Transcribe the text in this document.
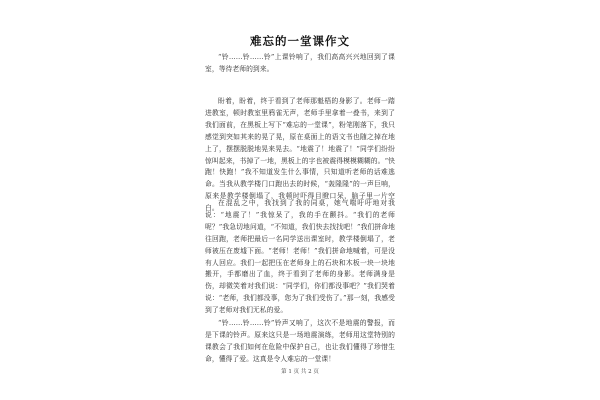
难忘的一堂课作文

“铃……铃……铃”上课铃响了，我们高高兴兴地回到了课室，等待老师的到来。

盼着，盼着，终于看到了老师那魁梧的身影了。老师一踏进教室，顿时教室里鸦雀无声，老师手里拿着一叠书，来到了我们面前，在黑板上写下“难忘的一堂课”，粉笔刚落下，我只感觉到突如其来的晃了晃，原在桌面上的语文书也随之掉在地上了，摆摆脱脱地晃来晃去。“地震了！地震了！”同学们纷纷惊叫起来，书掉了一地，黑板上的字也被震得模模糊糊的。“快跑！快跑！”我不知道发生什么事情，只知道听老师的话难逃命。当我从教学楼门口跑出去的时候，“轰隆隆”的一声巨响，原来是教学楼倒塌了，我顿时吓得目瞪口呆，脑子里一片空白。

在混乱之中，我找到了我的同桌，她气喘吁吁地对我说：“地震了！”我惊呆了，我的手在颤抖。“我们的老师呢？”我急切地问道，“不知道，我们快去找找吧！”我们拼命地往回跑，老师把最后一名同学送出课室时，教学楼倒塌了，老师被压在废墟下面。“老师！老师！”我们拼命地喊着，可是没有人回应。我们一起把压在老师身上的石块和木板一块一块地搬开，手都磨出了血，终于看到了老师的身影。老师满身是伤，却微笑着对我们说：“同学们，你们都没事吧？”我们哭着说：“老师，我们都没事，您为了我们受伤了。”那一刻，我感受到了老师对我们无私的爱。

“铃……铃……铃”铃声又响了，这次不是地震的警报，而是下课的铃声。原来这只是一场地震演练，老师用这堂特别的课教会了我们如何在危险中保护自己，也让我们懂得了珍惜生命，懂得了爱。这真是令人难忘的一堂课！

第 1 页 共 2 页
